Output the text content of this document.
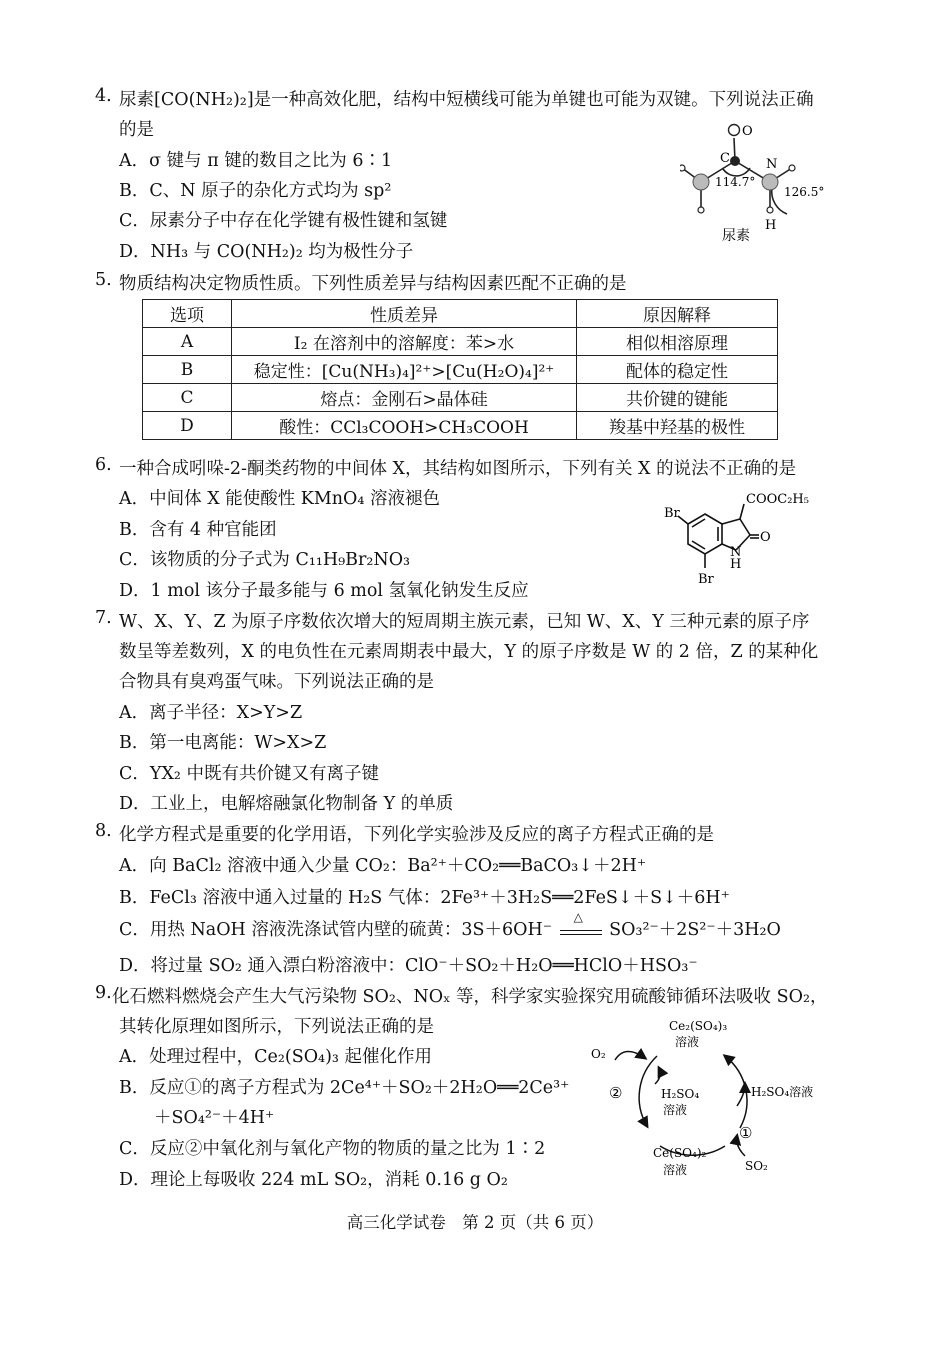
4. 尿素[CO(NH₂)₂]是一种高效化肥，结构中短横线可能为单键也可能为双键。下列说法正确
的是
A．σ 键与 π 键的数目之比为 6∶1
B．C、N 原子的杂化方式均为 sp²
C．尿素分子中存在化学键有极性键和氢键
D．NH₃ 与 CO(NH₂)₂ 均为极性分子
O
C	N
H
114.7°
126.5°
尿素
5. 物质结构决定物质性质。下列性质差异与结构因素匹配不正确的是
选项	性质差异	原因解释
A	I₂ 在溶剂中的溶解度：苯>水	相似相溶原理
B	稳定性：[Cu(NH₃)₄]²⁺>[Cu(H₂O)₄]²⁺	配体的稳定性
C	熔点：金刚石>晶体硅	共价键的键能
D	酸性：CCl₃COOH>CH₃COOH	羧基中羟基的极性
6. 一种合成吲哚-2-酮类药物的中间体 X，其结构如图所示，下列有关 X 的说法不正确的是
A．中间体 X 能使酸性 KMnO₄ 溶液褪色
B．含有 4 种官能团
C．该物质的分子式为 C₁₁H₉Br₂NO₃
D．1 mol 该分子最多能与 6 mol 氢氧化钠发生反应
COOC₂H₅
Br
Br
O
N
H
7. W、X、Y、Z 为原子序数依次增大的短周期主族元素，已知 W、X、Y 三种元素的原子序
数呈等差数列，X 的电负性在元素周期表中最大，Y 的原子序数是 W 的 2 倍，Z 的某种化
合物具有臭鸡蛋气味。下列说法正确的是
A．离子半径：X>Y>Z
B．第一电离能：W>X>Z
C．YX₂ 中既有共价键又有离子键
D．工业上，电解熔融氯化物制备 Y 的单质
8. 化学方程式是重要的化学用语，下列化学实验涉及反应的离子方程式正确的是
A．向 BaCl₂ 溶液中通入少量 CO₂：Ba²⁺＋CO₂══BaCO₃↓＋2H⁺
B．FeCl₃ 溶液中通入过量的 H₂S 气体：2Fe³⁺＋3H₂S══2FeS↓＋S↓＋6H⁺
C．用热 NaOH 溶液洗涤试管内壁的硫黄：3S＋6OH⁻
△
SO₃²⁻＋2S²⁻＋3H₂O
D．将过量 SO₂ 通入漂白粉溶液中：ClO⁻＋SO₂＋H₂O══HClO＋HSO₃⁻
9. 化石燃料燃烧会产生大气污染物 SO₂、NOₓ 等，科学家实验探究用硫酸铈循环法吸收 SO₂，
其转化原理如图所示，下列说法正确的是
A．处理过程中，Ce₂(SO₄)₃ 起催化作用
B．反应①的离子方程式为 2Ce⁴⁺＋SO₂＋2H₂O══2Ce³⁺
＋SO₄²⁻＋4H⁺
C．反应②中氧化剂与氧化产物的物质的量之比为 1∶2
D．理论上每吸收 224 mL SO₂，消耗 0.16 g O₂
Ce₂(SO₄)₃
溶液
O₂
②	H₂SO₄
溶液
H₂SO₄溶液
①
Ce(SO₄)₂
溶液	SO₂
高三化学试卷　第 2 页（共 6 页）
